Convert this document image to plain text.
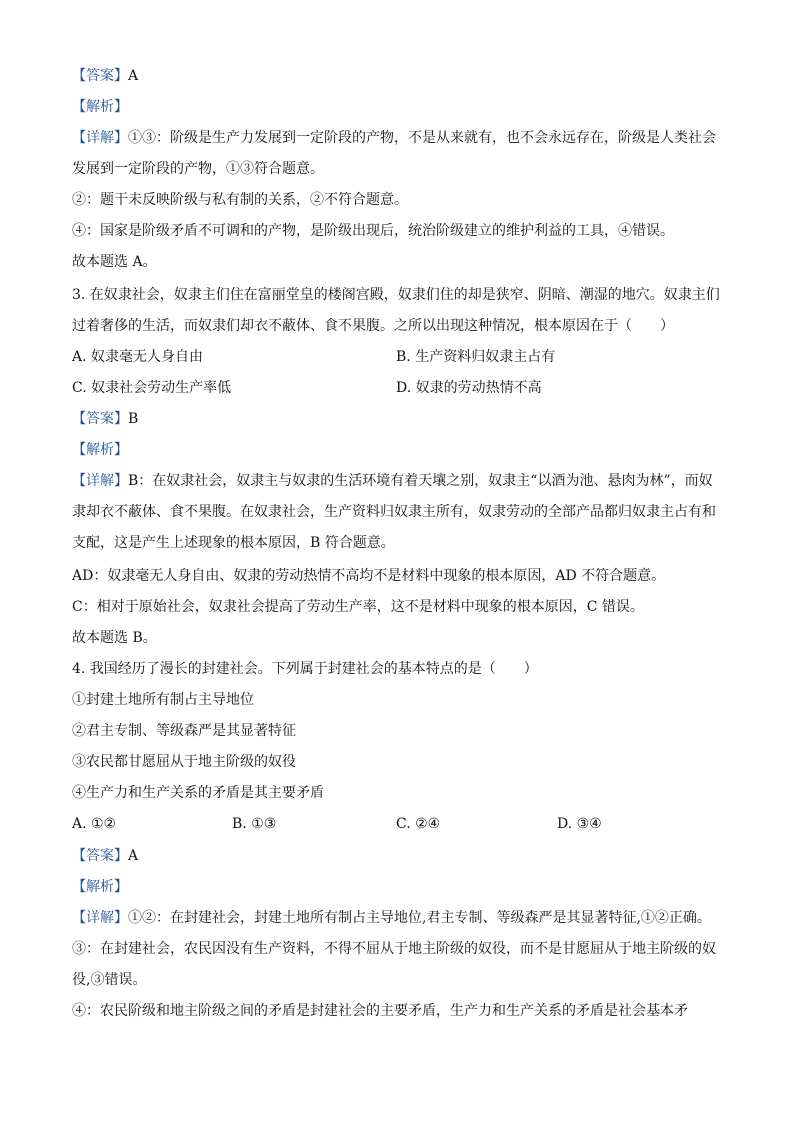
【答案】A
【解析】
【详解】①③：阶级是生产力发展到一定阶段的产物，不是从来就有，也不会永远存在，阶级是人类社会
发展到一定阶段的产物，①③符合题意。
②：题干未反映阶级与私有制的关系，②不符合题意。
④：国家是阶级矛盾不可调和的产物，是阶级出现后，统治阶级建立的维护利益的工具，④错误。
故本题选 A。
3. 在奴隶社会，奴隶主们住在富丽堂皇的楼阁宫殿，奴隶们住的却是狭窄、阴暗、潮湿的地穴。奴隶主们
过着奢侈的生活，而奴隶们却衣不蔽体、食不果腹。之所以出现这种情况，根本原因在于（　　）
A. 奴隶毫无人身自由	B. 生产资料归奴隶主占有
C. 奴隶社会劳动生产率低	D. 奴隶的劳动热情不高
【答案】B
【解析】
【详解】B：在奴隶社会，奴隶主与奴隶的生活环境有着天壤之别，奴隶主“以酒为池、悬肉为林”，而奴
隶却衣不蔽体、食不果腹。在奴隶社会，生产资料归奴隶主所有，奴隶劳动的全部产品都归奴隶主占有和
支配，这是产生上述现象的根本原因，B 符合题意。
AD：奴隶毫无人身自由、奴隶的劳动热情不高均不是材料中现象的根本原因，AD 不符合题意。
C：相对于原始社会，奴隶社会提高了劳动生产率，这不是材料中现象的根本原因，C 错误。
故本题选 B。
4. 我国经历了漫长的封建社会。下列属于封建社会的基本特点的是（　　）
①封建土地所有制占主导地位
②君主专制、等级森严是其显著特征
③农民都甘愿屈从于地主阶级的奴役
④生产力和生产关系的矛盾是其主要矛盾
A. ①②	B. ①③	C. ②④	D. ③④
【答案】A
【解析】
【详解】①②：在封建社会，封建土地所有制占主导地位,君主专制、等级森严是其显著特征,①②正确。
③：在封建社会，农民因没有生产资料，不得不屈从于地主阶级的奴役，而不是甘愿屈从于地主阶级的奴
役,③错误。
④：农民阶级和地主阶级之间的矛盾是封建社会的主要矛盾，生产力和生产关系的矛盾是社会基本矛
